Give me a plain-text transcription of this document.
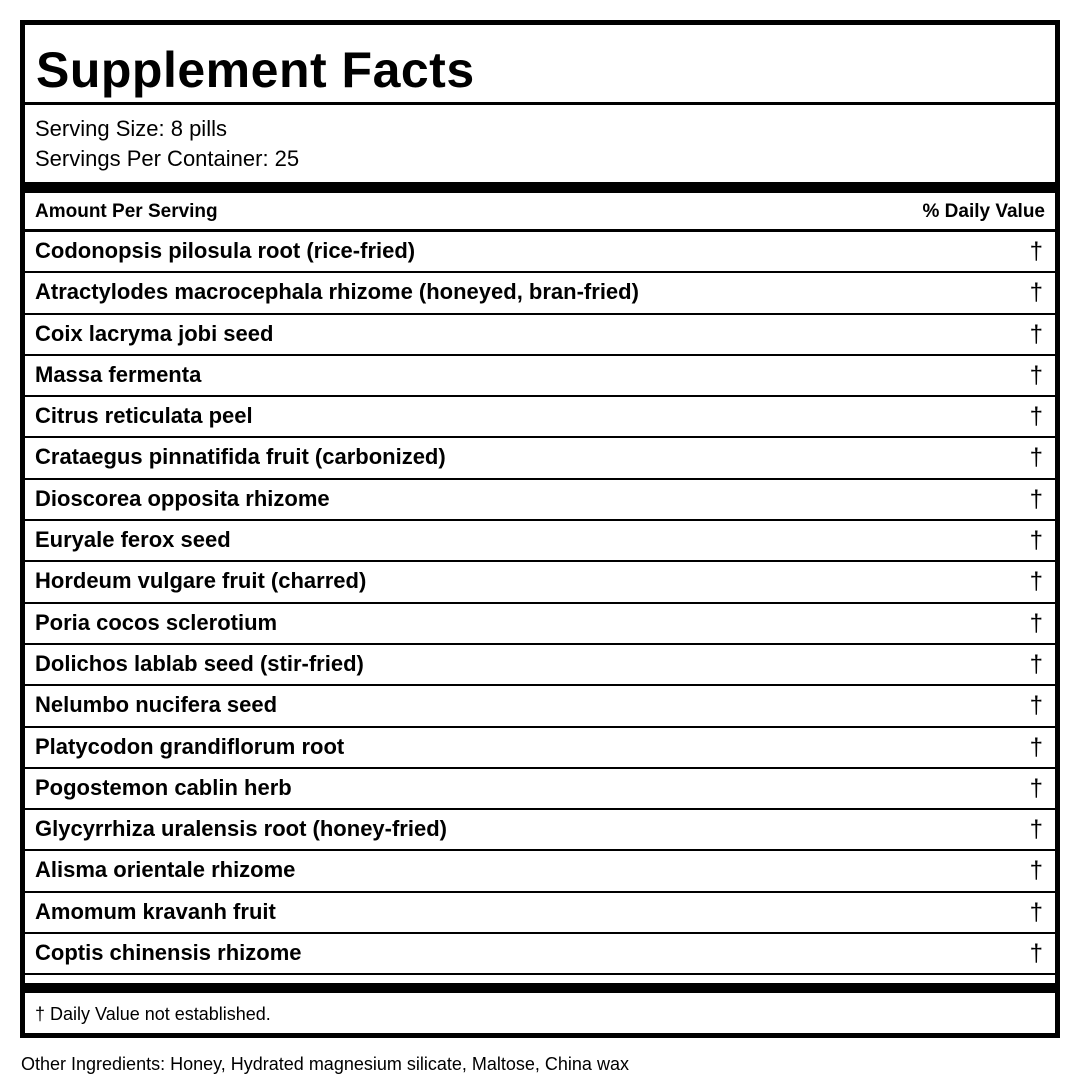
Supplement Facts
Serving Size: 8 pills
Servings Per Container: 25
Amount Per Serving	% Daily Value
Codonopsis pilosula root (rice-fried)	†
Atractylodes macrocephala rhizome (honeyed, bran-fried)	†
Coix lacryma jobi seed	†
Massa fermenta	†
Citrus reticulata peel	†
Crataegus pinnatifida fruit (carbonized)	†
Dioscorea opposita rhizome	†
Euryale ferox seed	†
Hordeum vulgare fruit (charred)	†
Poria cocos sclerotium	†
Dolichos lablab seed (stir-fried)	†
Nelumbo nucifera seed	†
Platycodon grandiflorum root	†
Pogostemon cablin herb	†
Glycyrrhiza uralensis root (honey-fried)	†
Alisma orientale rhizome	†
Amomum kravanh fruit	†
Coptis chinensis rhizome	†
† Daily Value not established.
Other Ingredients: Honey, Hydrated magnesium silicate, Maltose, China wax
